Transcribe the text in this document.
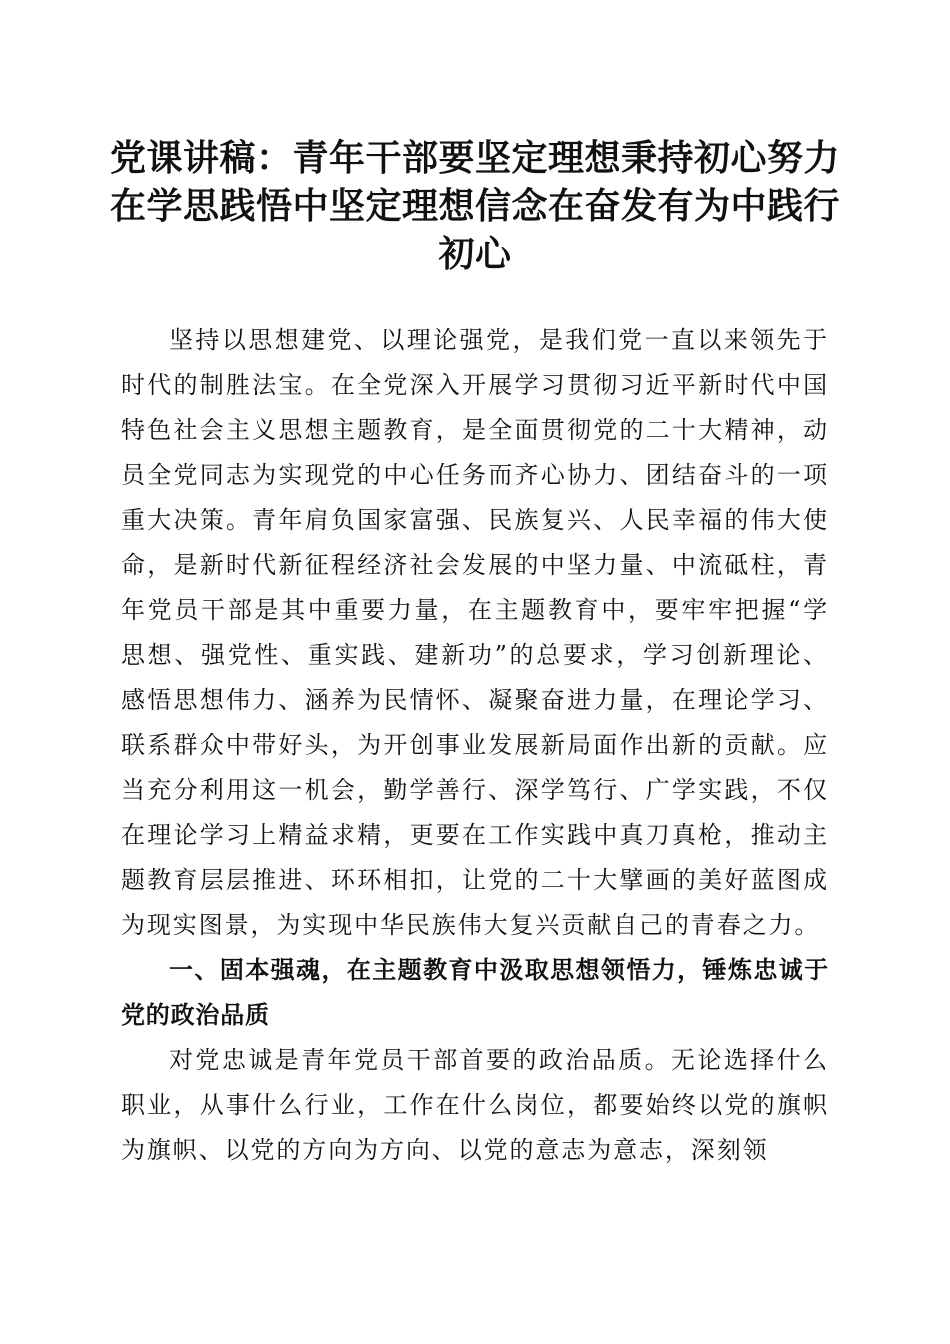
党课讲稿：青年干部要坚定理想秉持初心努力
在学思践悟中坚定理想信念在奋发有为中践行
初心

坚持以思想建党、以理论强党，是我们党一直以来领先于时代的制胜法宝。在全党深入开展学习贯彻习近平新时代中国特色社会主义思想主题教育，是全面贯彻党的二十大精神，动员全党同志为实现党的中心任务而齐心协力、团结奋斗的一项重大决策。青年肩负国家富强、民族复兴、人民幸福的伟大使命，是新时代新征程经济社会发展的中坚力量、中流砥柱，青年党员干部是其中重要力量，在主题教育中，要牢牢把握“学思想、强党性、重实践、建新功”的总要求，学习创新理论、感悟思想伟力、涵养为民情怀、凝聚奋进力量，在理论学习、联系群众中带好头，为开创事业发展新局面作出新的贡献。应当充分利用这一机会，勤学善行、深学笃行、广学实践，不仅在理论学习上精益求精，更要在工作实践中真刀真枪，推动主题教育层层推进、环环相扣，让党的二十大擘画的美好蓝图成为现实图景，为实现中华民族伟大复兴贡献自己的青春之力。

一、固本强魂，在主题教育中汲取思想领悟力，锤炼忠诚于党的政治品质

对党忠诚是青年党员干部首要的政治品质。无论选择什么职业，从事什么行业，工作在什么岗位，都要始终以党的旗帜为旗帜、以党的方向为方向、以党的意志为意志，深刻领
